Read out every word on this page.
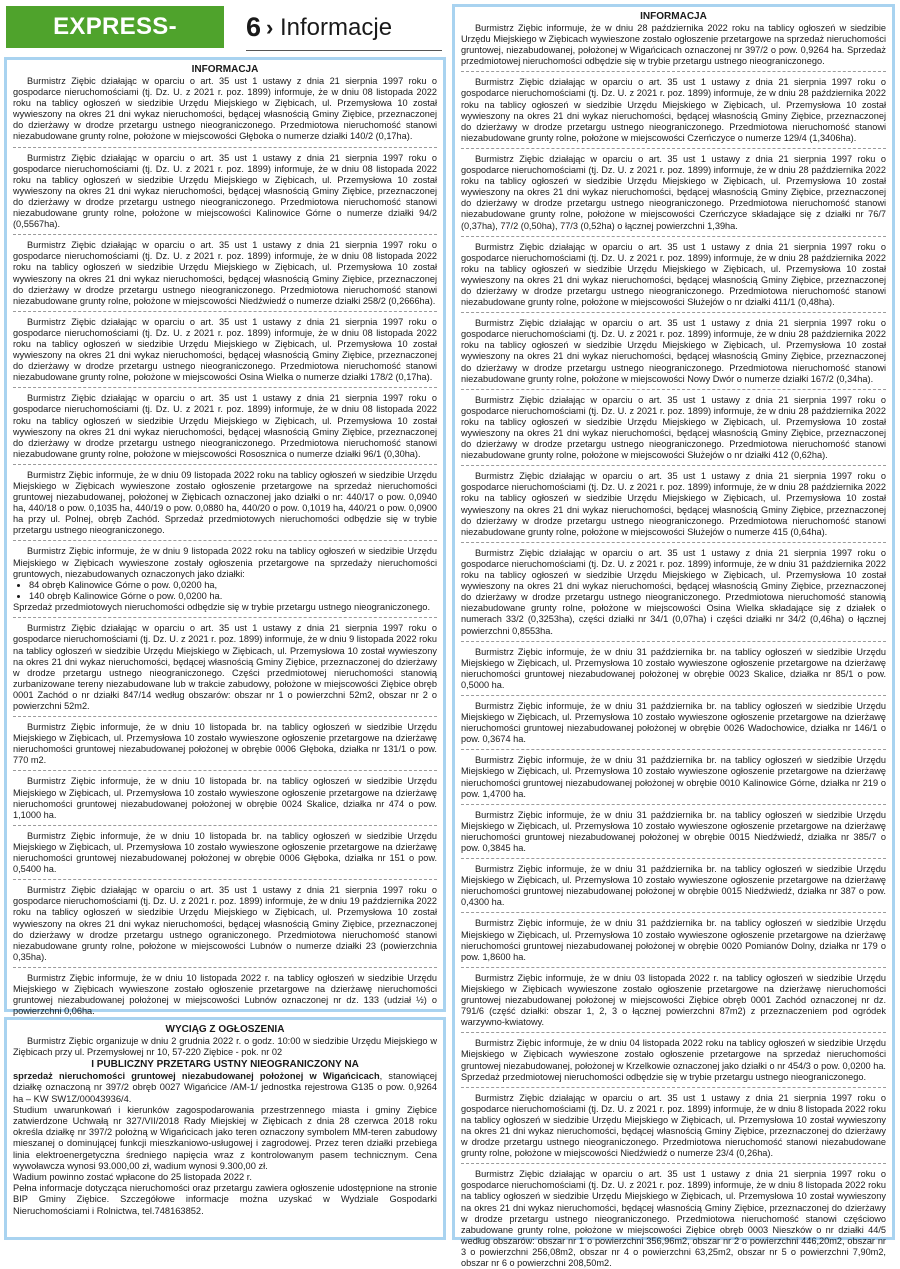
EXPRESS-	6 › Informacje
INFORMACJA

Burmistrz Ziębic działając w oparciu o art. 35 ust 1 ustawy z dnia 21 sierpnia 1997 roku o gospodarce nieruchomościami (tj. Dz. U. z 2021 r. poz. 1899) informuje, że w dniu 08 listopada 2022 roku na tablicy ogłoszeń w siedzibie Urzędu Miejskiego w Ziębicach, ul. Przemysłowa 10 został wywieszony na okres 21 dni wykaz nieruchomości, będącej własnością Gminy Ziębice, przeznaczonej do dzierżawy w drodze przetargu ustnego nieograniczonego. Przedmiotowa nieruchomość stanowi niezabudowane grunty rolne, położone w miejscowości Głęboka o numerze działki 140/2 (0,17ha).

Burmistrz Ziębic działając w oparciu o art. 35 ust 1 ustawy z dnia 21 sierpnia 1997 roku o gospodarce nieruchomościami (tj. Dz. U. z 2021 r. poz. 1899) informuje, że w dniu 08 listopada 2022 roku na tablicy ogłoszeń w siedzibie Urzędu Miejskiego w Ziębicach, ul. Przemysłowa 10 został wywieszony na okres 21 dni wykaz nieruchomości, będącej własnością Gminy Ziębice, przeznaczonej do dzierżawy w drodze przetargu ustnego nieograniczonego. Przedmiotowa nieruchomość stanowi niezabudowane grunty rolne, położone w miejscowości Kalinowice Górne o numerze działki 94/2 (0,5567ha).

Burmistrz Ziębic działając w oparciu o art. 35 ust 1 ustawy z dnia 21 sierpnia 1997 roku o gospodarce nieruchomościami (tj. Dz. U. z 2021 r. poz. 1899) informuje, że w dniu 08 listopada 2022 roku na tablicy ogłoszeń w siedzibie Urzędu Miejskiego w Ziębicach, ul. Przemysłowa 10 został wywieszony na okres 21 dni wykaz nieruchomości, będącej własnością Gminy Ziębice, przeznaczonej do dzierżawy w drodze przetargu ustnego nieograniczonego. Przedmiotowa nieruchomość stanowi niezabudowane grunty rolne, położone w miejscowości Niedźwiedź o numerze działki 258/2 (0,2666ha).

Burmistrz Ziębic działając w oparciu o art. 35 ust 1 ustawy z dnia 21 sierpnia 1997 roku o gospodarce nieruchomościami (tj. Dz. U. z 2021 r. poz. 1899) informuje, że w dniu 08 listopada 2022 roku na tablicy ogłoszeń w siedzibie Urzędu Miejskiego w Ziębicach, ul. Przemysłowa 10 został wywieszony na okres 21 dni wykaz nieruchomości, będącej własnością Gminy Ziębice, przeznaczonej do dzierżawy w drodze przetargu ustnego nieograniczonego. Przedmiotowa nieruchomość stanowi niezabudowane grunty rolne, położone w miejscowości Osina Wielka o numerze działki 178/2 (0,17ha).

Burmistrz Ziębic działając w oparciu o art. 35 ust 1 ustawy z dnia 21 sierpnia 1997 roku o gospodarce nieruchomościami (tj. Dz. U. z 2021 r. poz. 1899) informuje, że w dniu 08 listopada 2022 roku na tablicy ogłoszeń w siedzibie Urzędu Miejskiego w Ziębicach, ul. Przemysłowa 10 został wywieszony na okres 21 dni wykaz nieruchomości, będącej własnością Gminy Ziębice, przeznaczonej do dzierżawy w drodze przetargu ustnego nieograniczonego. Przedmiotowa nieruchomość stanowi niezabudowane grunty rolne, położone w miejscowości Rososznica o numerze działki 96/1 (0,30ha).

Burmistrz Ziębic informuje, że w dniu 09 listopada 2022 roku na tablicy ogłoszeń w siedzibie Urzędu Miejskiego w Ziębicach wywieszone zostało ogłoszenie przetargowe na sprzedaż nieruchomości gruntowej niezabudowanej, położonej w Ziębicach oznaczonej jako działki o nr: 440/17 o pow. 0,0940 ha, 440/18 o pow. 0,1035 ha, 440/19 o pow. 0,0880 ha, 440/20 o pow. 0,1019 ha, 440/21 o pow. 0,0900 ha przy ul. Polnej, obręb Zachód. Sprzedaż przedmiotowych nieruchomości odbędzie się w trybie przetargu ustnego nieograniczonego.

Burmistrz Ziębic informuje, że w dniu 9 listopada 2022 roku na tablicy ogłoszeń w siedzibie Urzędu Miejskiego w Ziębicach wywieszone zostały ogłoszenia przetargowe na sprzedaży nieruchomości gruntowych, niezabudowanych oznaczonych jako działki:

• 84 obręb Kalinowice Górne o pow. 0,0200 ha,
• 140 obręb Kalinowice Górne o pow. 0,0200 ha.

Sprzedaż przedmiotowych nieruchomości odbędzie się w trybie przetargu ustnego nieograniczonego.

Burmistrz Ziębic działając w oparciu o art. 35 ust 1 ustawy z dnia 21 sierpnia 1997 roku o gospodarce nieruchomościami (tj. Dz. U. z 2021 r. poz. 1899) informuje, że w dniu 9 listopada 2022 roku na tablicy ogłoszeń w siedzibie Urzędu Miejskiego w Ziębicach, ul. Przemysłowa 10 został wywieszony na okres 21 dni wykaz nieruchomości, będącej własnością Gminy Ziębice, przeznaczonej do dzierżawy w drodze przetargu ustnego nieograniczonego. Części przedmiotowej nieruchomości stanowią zurbanizowane tereny niezabudowane lub w trakcie zabudowy, położone w miejscowości Ziębice obręb 0001 Zachód o nr działki 847/14 według obszarów: obszar nr 1 o powierzchni 52m2, obszar nr 2 o powierzchni 52m2.

Burmistrz Ziębic informuje, że w dniu 10 listopada br. na tablicy ogłoszeń w siedzibie Urzędu Miejskiego w Ziębicach, ul. Przemysłowa 10 zostało wywieszone ogłoszenie przetargowe na dzierżawę nieruchomości gruntowej niezabudowanej położonej w obrębie 0006 Głęboka, działka nr 131/1 o pow. 770 m2.

Burmistrz Ziębic informuje, że w dniu 10 listopada br. na tablicy ogłoszeń w siedzibie Urzędu Miejskiego w Ziębicach, ul. Przemysłowa 10 zostało wywieszone ogłoszenie przetargowe na dzierżawę nieruchomości gruntowej niezabudowanej położonej w obrębie 0024 Skalice, działka nr 474 o pow. 1,1000 ha.

Burmistrz Ziębic informuje, że w dniu 10 listopada br. na tablicy ogłoszeń w siedzibie Urzędu Miejskiego w Ziębicach, ul. Przemysłowa 10 zostało wywieszone ogłoszenie przetargowe na dzierżawę nieruchomości gruntowej niezabudowanej położonej w obrębie 0006 Głęboka, działka nr 151 o pow. 0,5400 ha.

Burmistrz Ziębic działając w oparciu o art. 35 ust 1 ustawy z dnia 21 sierpnia 1997 roku o gospodarce nieruchomościami (tj. Dz. U. z 2021 r. poz. 1899) informuje, że w dniu 19 października 2022 roku na tablicy ogłoszeń w siedzibie Urzędu Miejskiego w Ziębicach, ul. Przemysłowa 10 został wywieszony na okres 21 dni wykaz nieruchomości, będącej własnością Gminy Ziębice, przeznaczonej do dzierżawy w drodze przetargu ustnego ograniczonego. Przedmiotowa nieruchomość stanowi niezabudowane grunty rolne, położone w miejscowości Lubnów o numerze działki 23 (powierzchnia 0,35ha).

Burmistrz Ziębic informuje, że w dniu 10 listopada 2022 r. na tablicy ogłoszeń w siedzibie Urzędu Miejskiego w Ziębicach wywieszone zostało ogłoszenie przetargowe na dzierżawę nieruchomości gruntowej niezabudowanej położonej w miejscowości Lubnów oznaczonej nr dz. 133 (udział ½) o powierzchni 0,06ha.

WYCIĄG Z OGŁOSZENIA

Burmistrz Ziębic organizuje w dniu 2 grudnia 2022 r. o godz. 10:00 w siedzibie Urzędu Miejskiego w Ziębicach przy ul. Przemysłowej nr 10, 57-220 Ziębice - pok. nr 02

I PUBLICZNY PRZETARG USTNY NIEOGRANICZONY NA

sprzedaż nieruchomości gruntowej niezabudowanej położonej w Wigańcicach, stanowiącej działkę oznaczoną nr 397/2 obręb 0027 Wigańcice /AM-1/ jednostka rejestrowa G135 o pow. 0,9264 ha – KW SW1Z/00043936/4.

Studium uwarunkowań i kierunków zagospodarowania przestrzennego miasta i gminy Ziębice zatwierdzone Uchwałą nr 327/VII/2018 Rady Miejskiej w Ziębicach z dnia 28 czerwca 2018 roku określa działkę nr 397/2 położną w Wigańcicach jako teren oznaczony symbolem MM-teren zabudowy mieszanej o dominującej funkcji mieszkaniowo-usługowej i zagrodowej. Przez teren działki przebiega linia elektroenergetyczna średniego napięcia wraz z kontrolowanym pasem technicznym. Cena wywoławcza wynosi 93.000,00 zł, wadium wynosi 9.300,00 zł.

Wadium powinno zostać wpłacone do 25 listopada 2022 r.

Pełna informacje dotycząca nieruchomości oraz przetargu zawiera ogłoszenie udostępnione na stronie BIP Gminy Ziębice. Szczegółowe informacje można uzyskać w Wydziale Gospodarki Nieruchomościami i Rolnictwa, tel.748163852.

INFORMACJA

Burmistrz Ziębic informuje, że w dniu 28 października 2022 roku na tablicy ogłoszeń w siedzibie Urzędu Miejskiego w Ziębicach wywieszone zostało ogłoszenie przetargowe na sprzedaż nieruchomości gruntowej, niezabudowanej, położonej w Wigańcicach oznaczonej nr 397/2 o pow. 0,9264 ha. Sprzedaż przedmiotowej nieruchomości odbędzie się w trybie przetargu ustnego nieograniczonego.

Burmistrz Ziębic działając w oparciu o art. 35 ust 1 ustawy z dnia 21 sierpnia 1997 roku o gospodarce nieruchomościami (tj. Dz. U. z 2021 r. poz. 1899) informuje, że w dniu 28 października 2022 roku na tablicy ogłoszeń w siedzibie Urzędu Miejskiego w Ziębicach, ul. Przemysłowa 10 został wywieszony na okres 21 dni wykaz nieruchomości, będącej własnością Gminy Ziębice, przeznaczonej do dzierżawy w drodze przetargu ustnego nieograniczonego. Przedmiotowa nieruchomość stanowi niezabudowane grunty rolne, położone w miejscowości Czerńczyce o numerze 129/4 (1,3406ha).

Burmistrz Ziębic działając w oparciu o art. 35 ust 1 ustawy z dnia 21 sierpnia 1997 roku o gospodarce nieruchomościami (tj. Dz. U. z 2021 r. poz. 1899) informuje, że w dniu 28 października 2022 roku na tablicy ogłoszeń w siedzibie Urzędu Miejskiego w Ziębicach, ul. Przemysłowa 10 został wywieszony na okres 21 dni wykaz nieruchomości, będącej własnością Gminy Ziębice, przeznaczonej do dzierżawy w drodze przetargu ustnego nieograniczonego. Przedmiotowa nieruchomość stanowi niezabudowane grunty rolne, położone w miejscowości Czerńczyce składające się z działki nr 76/7 (0,37ha), 77/2 (0,50ha), 77/3 (0,52ha) o łącznej powierzchni 1,39ha.

Burmistrz Ziębic działając w oparciu o art. 35 ust 1 ustawy z dnia 21 sierpnia 1997 roku o gospodarce nieruchomościami (tj. Dz. U. z 2021 r. poz. 1899) informuje, że w dniu 28 października 2022 roku na tablicy ogłoszeń w siedzibie Urzędu Miejskiego w Ziębicach, ul. Przemysłowa 10 został wywieszony na okres 21 dni wykaz nieruchomości, będącej własnością Gminy Ziębice, przeznaczonej do dzierżawy w drodze przetargu ustnego nieograniczonego. Przedmiotowa nieruchomość stanowi niezabudowane grunty rolne, położone w miejscowości Służejów o nr działki 411/1 (0,48ha).

Burmistrz Ziębic działając w oparciu o art. 35 ust 1 ustawy z dnia 21 sierpnia 1997 roku o gospodarce nieruchomościami (tj. Dz. U. z 2021 r. poz. 1899) informuje, że w dniu 28 października 2022 roku na tablicy ogłoszeń w siedzibie Urzędu Miejskiego w Ziębicach, ul. Przemysłowa 10 został wywieszony na okres 21 dni wykaz nieruchomości, będącej własnością Gminy Ziębice, przeznaczonej do dzierżawy w drodze przetargu ustnego nieograniczonego. Przedmiotowa nieruchomość stanowi niezabudowane grunty rolne, położone w miejscowości Nowy Dwór o numerze działki 167/2 (0,34ha).

Burmistrz Ziębic działając w oparciu o art. 35 ust 1 ustawy z dnia 21 sierpnia 1997 roku o gospodarce nieruchomościami (tj. Dz. U. z 2021 r. poz. 1899) informuje, że w dniu 28 października 2022 roku na tablicy ogłoszeń w siedzibie Urzędu Miejskiego w Ziębicach, ul. Przemysłowa 10 został wywieszony na okres 21 dni wykaz nieruchomości, będącej własnością Gminy Ziębice, przeznaczonej do dzierżawy w drodze przetargu ustnego nieograniczonego. Przedmiotowa nieruchomość stanowi niezabudowane grunty rolne, położone w miejscowości Służejów o nr działki 412 (0,62ha).

Burmistrz Ziębic działając w oparciu o art. 35 ust 1 ustawy z dnia 21 sierpnia 1997 roku o gospodarce nieruchomościami (tj. Dz. U. z 2021 r. poz. 1899) informuje, że w dniu 28 października 2022 roku na tablicy ogłoszeń w siedzibie Urzędu Miejskiego w Ziębicach, ul. Przemysłowa 10 został wywieszony na okres 21 dni wykaz nieruchomości, będącej własnością Gminy Ziębice, przeznaczonej do dzierżawy w drodze przetargu ustnego nieograniczonego. Przedmiotowa nieruchomość stanowi niezabudowane grunty rolne, położone w miejscowości Służejów o numerze 415 (0,64ha).

Burmistrz Ziębic działając w oparciu o art. 35 ust 1 ustawy z dnia 21 sierpnia 1997 roku o gospodarce nieruchomościami (tj. Dz. U. z 2021 r. poz. 1899) informuje, że w dniu 31 października 2022 roku na tablicy ogłoszeń w siedzibie Urzędu Miejskiego w Ziębicach, ul. Przemysłowa 10 został wywieszony na okres 21 dni wykaz nieruchomości, będącej własnością Gminy Ziębice, przeznaczonej do dzierżawy w drodze przetargu ustnego nieograniczonego. Przedmiotowa nieruchomość stanowią niezabudowane grunty rolne, położone w miejscowości Osina Wielka składające się z działek o numerach 33/2 (0,3253ha), części działki nr 34/1 (0,07ha) i części działki nr 34/2 (0,46ha) o łącznej powierzchni 0,8553ha.

Burmistrz Ziębic informuje, że w dniu 31 października br. na tablicy ogłoszeń w siedzibie Urzędu Miejskiego w Ziębicach, ul. Przemysłowa 10 zostało wywieszone ogłoszenie przetargowe na dzierżawę nieruchomości gruntowej niezabudowanej położonej w obrębie 0023 Skalice, działka nr 85/1 o pow. 0,5000 ha.

Burmistrz Ziębic informuje, że w dniu 31 października br. na tablicy ogłoszeń w siedzibie Urzędu Miejskiego w Ziębicach, ul. Przemysłowa 10 zostało wywieszone ogłoszenie przetargowe na dzierżawę nieruchomości gruntowej niezabudowanej położonej w obrębie 0026 Wadochowice, działka nr 146/1 o pow. 0,3674 ha.

Burmistrz Ziębic informuje, że w dniu 31 października br. na tablicy ogłoszeń w siedzibie Urzędu Miejskiego w Ziębicach, ul. Przemysłowa 10 zostało wywieszone ogłoszenie przetargowe na dzierżawę nieruchomości gruntowej niezabudowanej położonej w obrębie 0010 Kalinowice Górne, działka nr 219 o pow. 1,4700 ha.

Burmistrz Ziębic informuje, że w dniu 31 października br. na tablicy ogłoszeń w siedzibie Urzędu Miejskiego w Ziębicach, ul. Przemysłowa 10 zostało wywieszone ogłoszenie przetargowe na dzierżawę nieruchomości gruntowej niezabudowanej położonej w obrębie 0015 Niedźwiedź, działka nr 385/7 o pow. 0,3845 ha.

Burmistrz Ziębic informuje, że w dniu 31 października br. na tablicy ogłoszeń w siedzibie Urzędu Miejskiego w Ziębicach, ul. Przemysłowa 10 zostało wywieszone ogłoszenie przetargowe na dzierżawę nieruchomości gruntowej niezabudowanej położonej w obrębie 0015 Niedźwiedź, działka nr 387 o pow. 0,4300 ha.

Burmistrz Ziębic informuje, że w dniu 31 października br. na tablicy ogłoszeń w siedzibie Urzędu Miejskiego w Ziębicach, ul. Przemysłowa 10 zostało wywieszone ogłoszenie przetargowe na dzierżawę nieruchomości gruntowej niezabudowanej położonej w obrębie 0020 Pomianów Dolny, działka nr 179 o pow. 1,8600 ha.

Burmistrz Ziębic informuje, że w dniu 03 listopada 2022 r. na tablicy ogłoszeń w siedzibie Urzędu Miejskiego w Ziębicach wywieszone zostało ogłoszenie przetargowe na dzierżawę nieruchomości gruntowej niezabudowanej położonej w miejscowości Ziębice obręb 0001 Zachód oznaczonej nr dz. 791/6 (część działki: obszar 1, 2, 3 o łącznej powierzchni 87m2) z przeznaczeniem pod ogródek warzywno-kwiatowy.

Burmistrz Ziębic informuje, że w dniu 04 listopada 2022 roku na tablicy ogłoszeń w siedzibie Urzędu Miejskiego w Ziębicach wywieszone zostało ogłoszenie przetargowe na sprzedaż nieruchomości gruntowej niezabudowanej, położonej w Krzelkowie oznaczonej jako działki o nr 454/3 o pow. 0,0200 ha. Sprzedaż przedmiotowej nieruchomości odbędzie się w trybie przetargu ustnego nieograniczonego.

Burmistrz Ziębic działając w oparciu o art. 35 ust 1 ustawy z dnia 21 sierpnia 1997 roku o gospodarce nieruchomościami (tj. Dz. U. z 2021 r. poz. 1899) informuje, że w dniu 8 listopada 2022 roku na tablicy ogłoszeń w siedzibie Urzędu Miejskiego w Ziębicach, ul. Przemysłowa 10 został wywieszony na okres 21 dni wykaz nieruchomości, będącej własnością Gminy Ziębice, przeznaczonej do dzierżawy w drodze przetargu ustnego nieograniczonego. Przedmiotowa nieruchomość stanowi niezabudowane grunty rolne, położone w miejscowości Niedźwiedź o numerze 23/4 (0,26ha).

Burmistrz Ziębic działając w oparciu o art. 35 ust 1 ustawy z dnia 21 sierpnia 1997 roku o gospodarce nieruchomościami (tj. Dz. U. z 2021 r. poz. 1899) informuje, że w dniu 8 listopada 2022 roku na tablicy ogłoszeń w siedzibie Urzędu Miejskiego w Ziębicach, ul. Przemysłowa 10 został wywieszony na okres 21 dni wykaz nieruchomości, będącej własnością Gminy Ziębice, przeznaczonej do dzierżawy w drodze przetargu ustnego nieograniczonego. Przedmiotowa nieruchomość stanowi częściowo zabudowane grunty rolne, położone w miejscowości Ziębice obręb 0003 Nieszków o nr działki 44/5 według obszarów: obszar nr 1 o powierzchni 356,96m2, obszar nr 2 o powierzchni 446,20m2, obszar nr 3 o powierzchni 256,08m2, obszar nr 4 o powierzchni 63,25m2, obszar nr 5 o powierzchni 7,90m2, obszar nr 6 o powierzchni 208,50m2.
